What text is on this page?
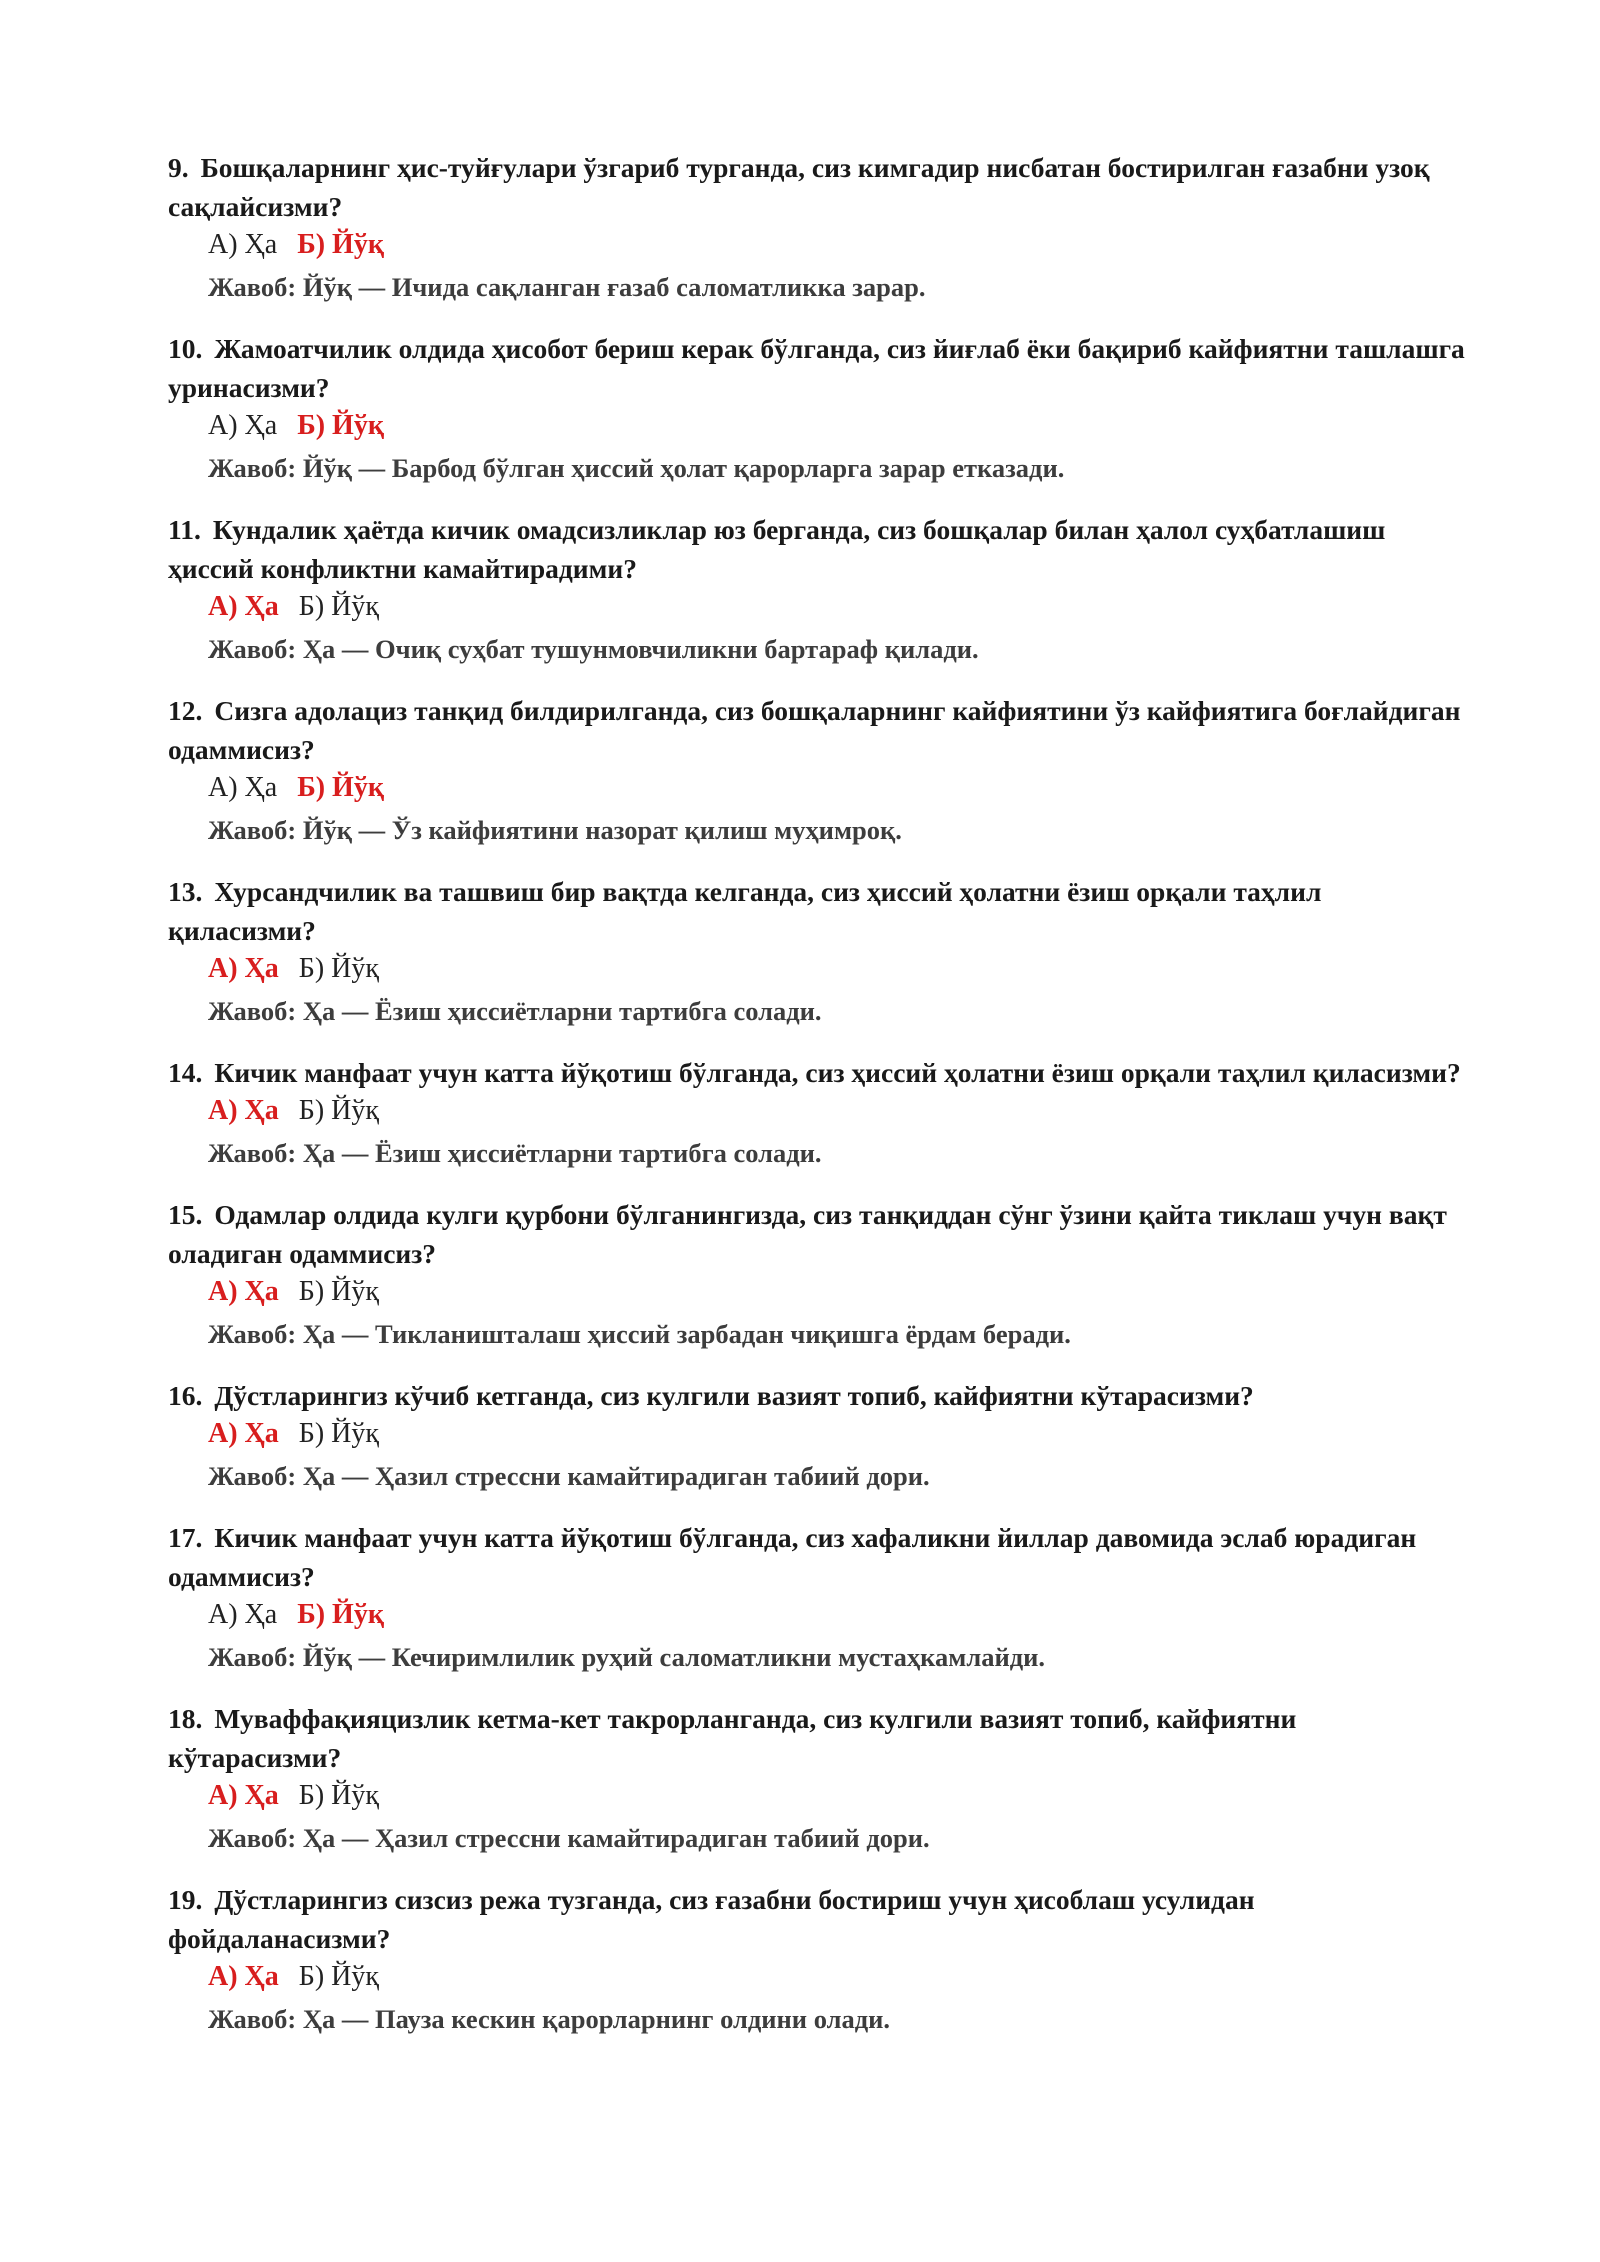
9. Бошқаларнинг ҳис-туйғулари ўзгариб турганда, сиз кимгадир нисбатан бостирилган ғазабни узоқ сақлайсизми?

А) Ҳа Б) Йўқ
Жавоб: Йўқ — Ичида сақланган ғазаб саломатликка зарар.

10. Жамоатчилик олдида ҳисобот бериш керак бўлганда, сиз йиғлаб ёки бақириб кайфиятни ташлашга уринасизми?

А) Ҳа Б) Йўқ
Жавоб: Йўқ — Барбод бўлган ҳиссий ҳолат қарорларга зарар етказади.

11. Кундалик ҳаётда кичик омадсизликлар юз берганда, сиз бошқалар билан ҳалол суҳбатлашиш ҳиссий конфликтни камайтирадими?

А) Ҳа Б) Йўқ
Жавоб: Ҳа — Очиқ суҳбат тушунмовчиликни бартараф қилади.

12. Сизга адолациз танқид билдирилганда, сиз бошқаларнинг кайфиятини ўз кайфиятига боғлайдиган одаммисиз?

А) Ҳа Б) Йўқ
Жавоб: Йўқ — Ўз кайфиятини назорат қилиш муҳимроқ.

13. Хурсандчилик ва ташвиш бир вақтда келганда, сиз ҳиссий ҳолатни ёзиш орқали таҳлил қиласизми?

А) Ҳа Б) Йўқ
Жавоб: Ҳа — Ёзиш ҳиссиётларни тартибга солади.

14. Кичик манфаат учун катта йўқотиш бўлганда, сиз ҳиссий ҳолатни ёзиш орқали таҳлил қиласизми?

А) Ҳа Б) Йўқ
Жавоб: Ҳа — Ёзиш ҳиссиётларни тартибга солади.

15. Одамлар олдида кулги қурбони бўлганингизда, сиз танқиддан сўнг ўзини қайта тиклаш учун вақт оладиган одаммисиз?

А) Ҳа Б) Йўқ
Жавоб: Ҳа — Тикланишталаш ҳиссий зарбадан чиқишга ёрдам беради.

16. Дўстларингиз кўчиб кетганда, сиз кулгили вазият топиб, кайфиятни кўтарасизми?

А) Ҳа Б) Йўқ
Жавоб: Ҳа — Ҳазил стрессни камайтирадиган табиий дори.

17. Кичик манфаат учун катта йўқотиш бўлганда, сиз хафаликни йиллар давомида эслаб юрадиган одаммисиз?

А) Ҳа Б) Йўқ
Жавоб: Йўқ — Кечиримлилик руҳий саломатликни мустаҳкамлайди.

18. Муваффақияцизлик кетма-кет такрорланганда, сиз кулгили вазият топиб, кайфиятни кўтарасизми?

А) Ҳа Б) Йўқ
Жавоб: Ҳа — Ҳазил стрессни камайтирадиган табиий дори.

19. Дўстларингиз сизсиз режа тузганда, сиз ғазабни бостириш учун ҳисоблаш усулидан фойдаланасизми?

А) Ҳа Б) Йўқ
Жавоб: Ҳа — Пауза кескин қарорларнинг олдини олади.
